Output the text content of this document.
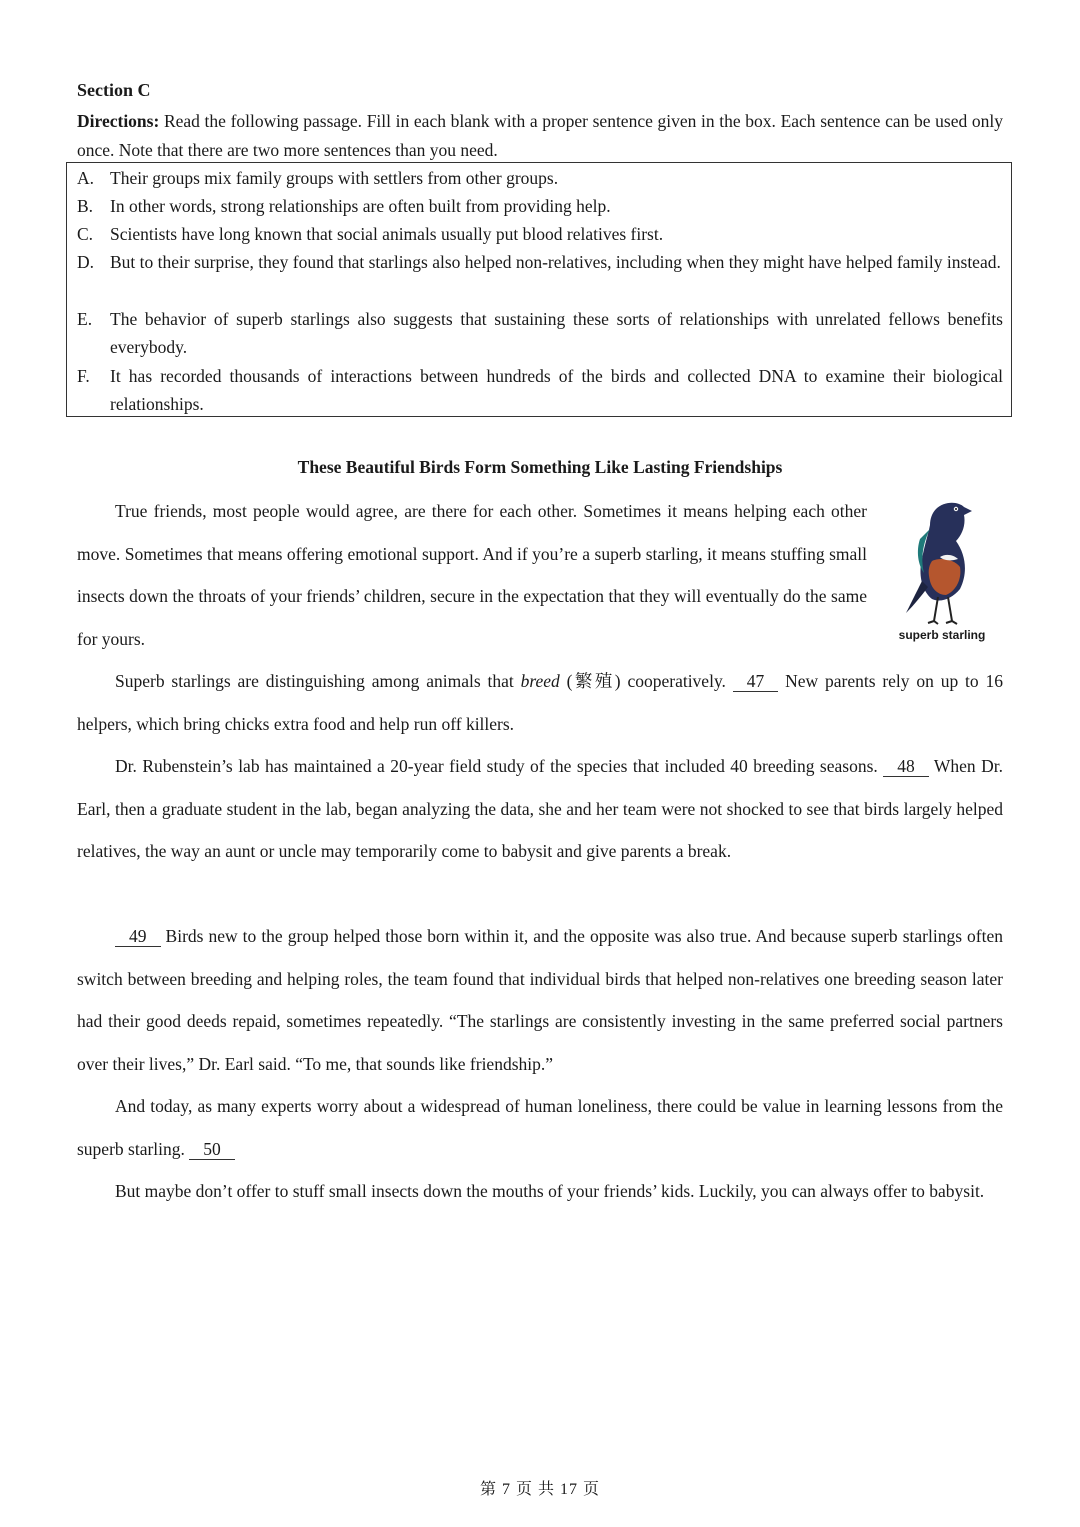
Section C
Directions: Read the following passage. Fill in each blank with a proper sentence given in the box. Each sentence can be used only once. Note that there are two more sentences than you need.
A. Their groups mix family groups with settlers from other groups.
B. In other words, strong relationships are often built from providing help.
C. Scientists have long known that social animals usually put blood relatives first.
D. But to their surprise, they found that starlings also helped non-relatives, including when they might have helped family instead.
E.	The behavior of superb starlings also suggests that sustaining these sorts of relationships with unrelated fellows benefits everybody.
F.	It has recorded thousands of interactions between hundreds of the birds and collected DNA to examine their biological relationships.
These Beautiful Birds Form Something Like Lasting Friendships
True friends, most people would agree, are there for each other. Sometimes it means helping each other move. Sometimes that means offering emotional support. And if you’re a superb starling, it means stuffing small insects down the throats of your friends’ children, secure in the expectation that they will eventually do the same for yours.	superb starling
Superb starlings are distinguishing among animals that breed (繁殖) cooperatively. 47 New parents rely on up to 16 helpers, which bring chicks extra food and help run off killers.
Dr. Rubenstein’s lab has maintained a 20-year field study of the species that included 40 breeding seasons. 48 When Dr. Earl, then a graduate student in the lab, began analyzing the data, she and her team were not shocked to see that birds largely helped relatives, the way an aunt or uncle may temporarily come to babysit and give parents a break.
49 Birds new to the group helped those born within it, and the opposite was also true. And because superb starlings often switch between breeding and helping roles, the team found that individual birds that helped non-relatives one breeding season later had their good deeds repaid, sometimes repeatedly. “The starlings are consistently investing in the same preferred social partners over their lives,” Dr. Earl said. “To me, that sounds like friendship.”
And today, as many experts worry about a widespread of human loneliness, there could be value in learning lessons from the superb starling. 50
But maybe don’t offer to stuff small insects down the mouths of your friends’ kids. Luckily, you can always offer to babysit.
第 7 页 共 17 页
